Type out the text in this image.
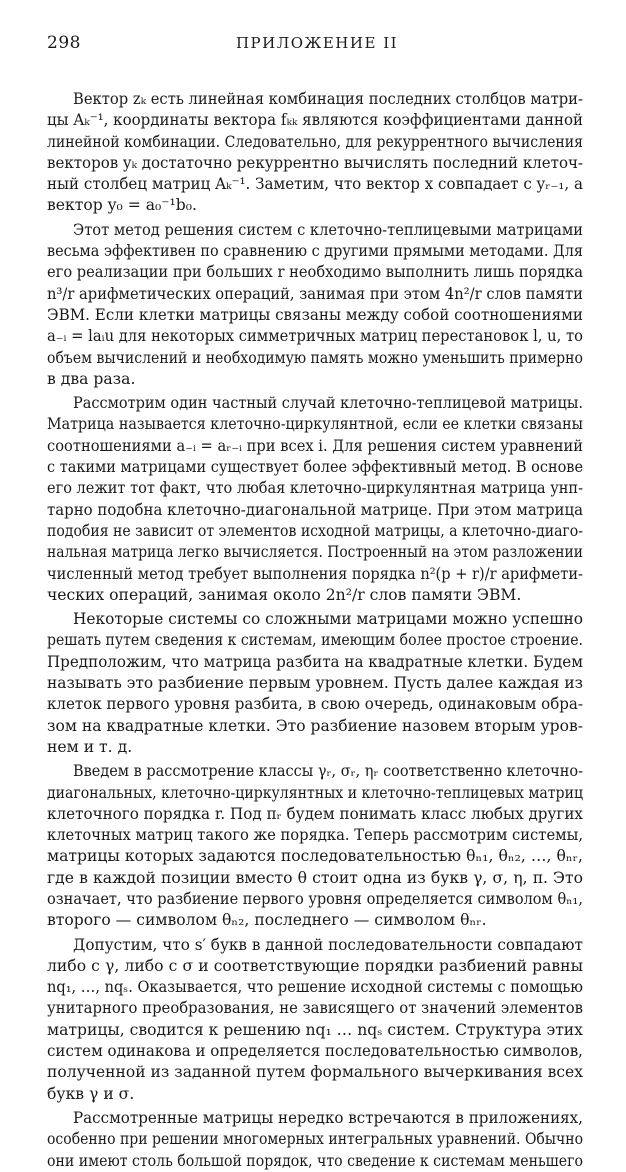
298	ПРИЛОЖЕНИЕ II
Вектор zₖ есть линейная комбинация последних столбцов матри-
цы Aₖ⁻¹, координаты вектора fₖₖ являются коэффициентами данной
линейной комбинации. Следовательно, для рекуррентного вычисления
векторов yₖ достаточно рекуррентно вычислять последний клеточ-
ный столбец матриц Aₖ⁻¹. Заметим, что вектор x совпадает с yᵣ₋₁, а
вектор y₀ = a₀⁻¹b₀.
Этот метод решения систем с клеточно-теплицевыми матрицами
весьма эффективен по сравнению с другими прямыми методами. Для
его реализации при больших r необходимо выполнить лишь порядка
n³/r арифметических операций, занимая при этом 4n²/r слов памяти
ЭВМ. Если клетки матрицы связаны между собой соотношениями
a₋ᵢ = laᵢu для некоторых симметричных матриц перестановок l, u, то
объем вычислений и необходимую память можно уменьшить примерно
в два раза.
Рассмотрим один частный случай клеточно-теплицевой матрицы.
Матрица называется клеточно-циркулянтной, если ее клетки связаны
соотношениями a₋ᵢ = aᵣ₋ᵢ при всех i. Для решения систем уравнений
с такими матрицами существует более эффективный метод. В основе
его лежит тот факт, что любая клеточно-циркулянтная матрица унп-
тарно подобна клеточно-диагональной матрице. При этом матрица
подобия не зависит от элементов исходной матрицы, а клеточно-диаго-
нальная матрица легко вычисляется. Построенный на этом разложении
численный метод требует выполнения порядка n²(p + r)/r арифмети-
ческих операций, занимая около 2n²/r слов памяти ЭВМ.
Некоторые системы со сложными матрицами можно успешно
решать путем сведения к системам, имеющим более простое строение.
Предположим, что матрица разбита на квадратные клетки. Будем
называть это разбиение первым уровнем. Пусть далее каждая из
клеток первого уровня разбита, в свою очередь, одинаковым обра-
зом на квадратные клетки. Это разбиение назовем вторым уров-
нем и т. д.
Введем в рассмотрение классы γᵣ, σᵣ, ηᵣ соответственно клеточно-
диагональных, клеточно-циркулянтных и клеточно-теплицевых матриц
клеточного порядка r. Под πᵣ будем понимать класс любых других
клеточных матриц такого же порядка. Теперь рассмотрим системы,
матрицы которых задаются последовательностью θₙ₁, θₙ₂, …, θₙᵣ,
где в каждой позиции вместо θ стоит одна из букв γ, σ, η, π. Это
означает, что разбиение первого уровня определяется символом θₙ₁,
второго — символом θₙ₂, последнего — символом θₙᵣ.
Допустим, что s′ букв в данной последовательности совпадают
либо с γ, либо с σ и соответствующие порядки разбиений равны
nq₁, …, nqₛ. Оказывается, что решение исходной системы с помощью
унитарного преобразования, не зависящего от значений элементов
матрицы, сводится к решению nq₁ … nqₛ систем. Структура этих
систем одинакова и определяется последовательностью символов,
полученной из заданной путем формального вычеркивания всех
букв γ и σ.
Рассмотренные матрицы нередко встречаются в приложениях,
особенно при решении многомерных интегральных уравнений. Обычно
они имеют столь большой порядок, что сведение к системам меньшего
